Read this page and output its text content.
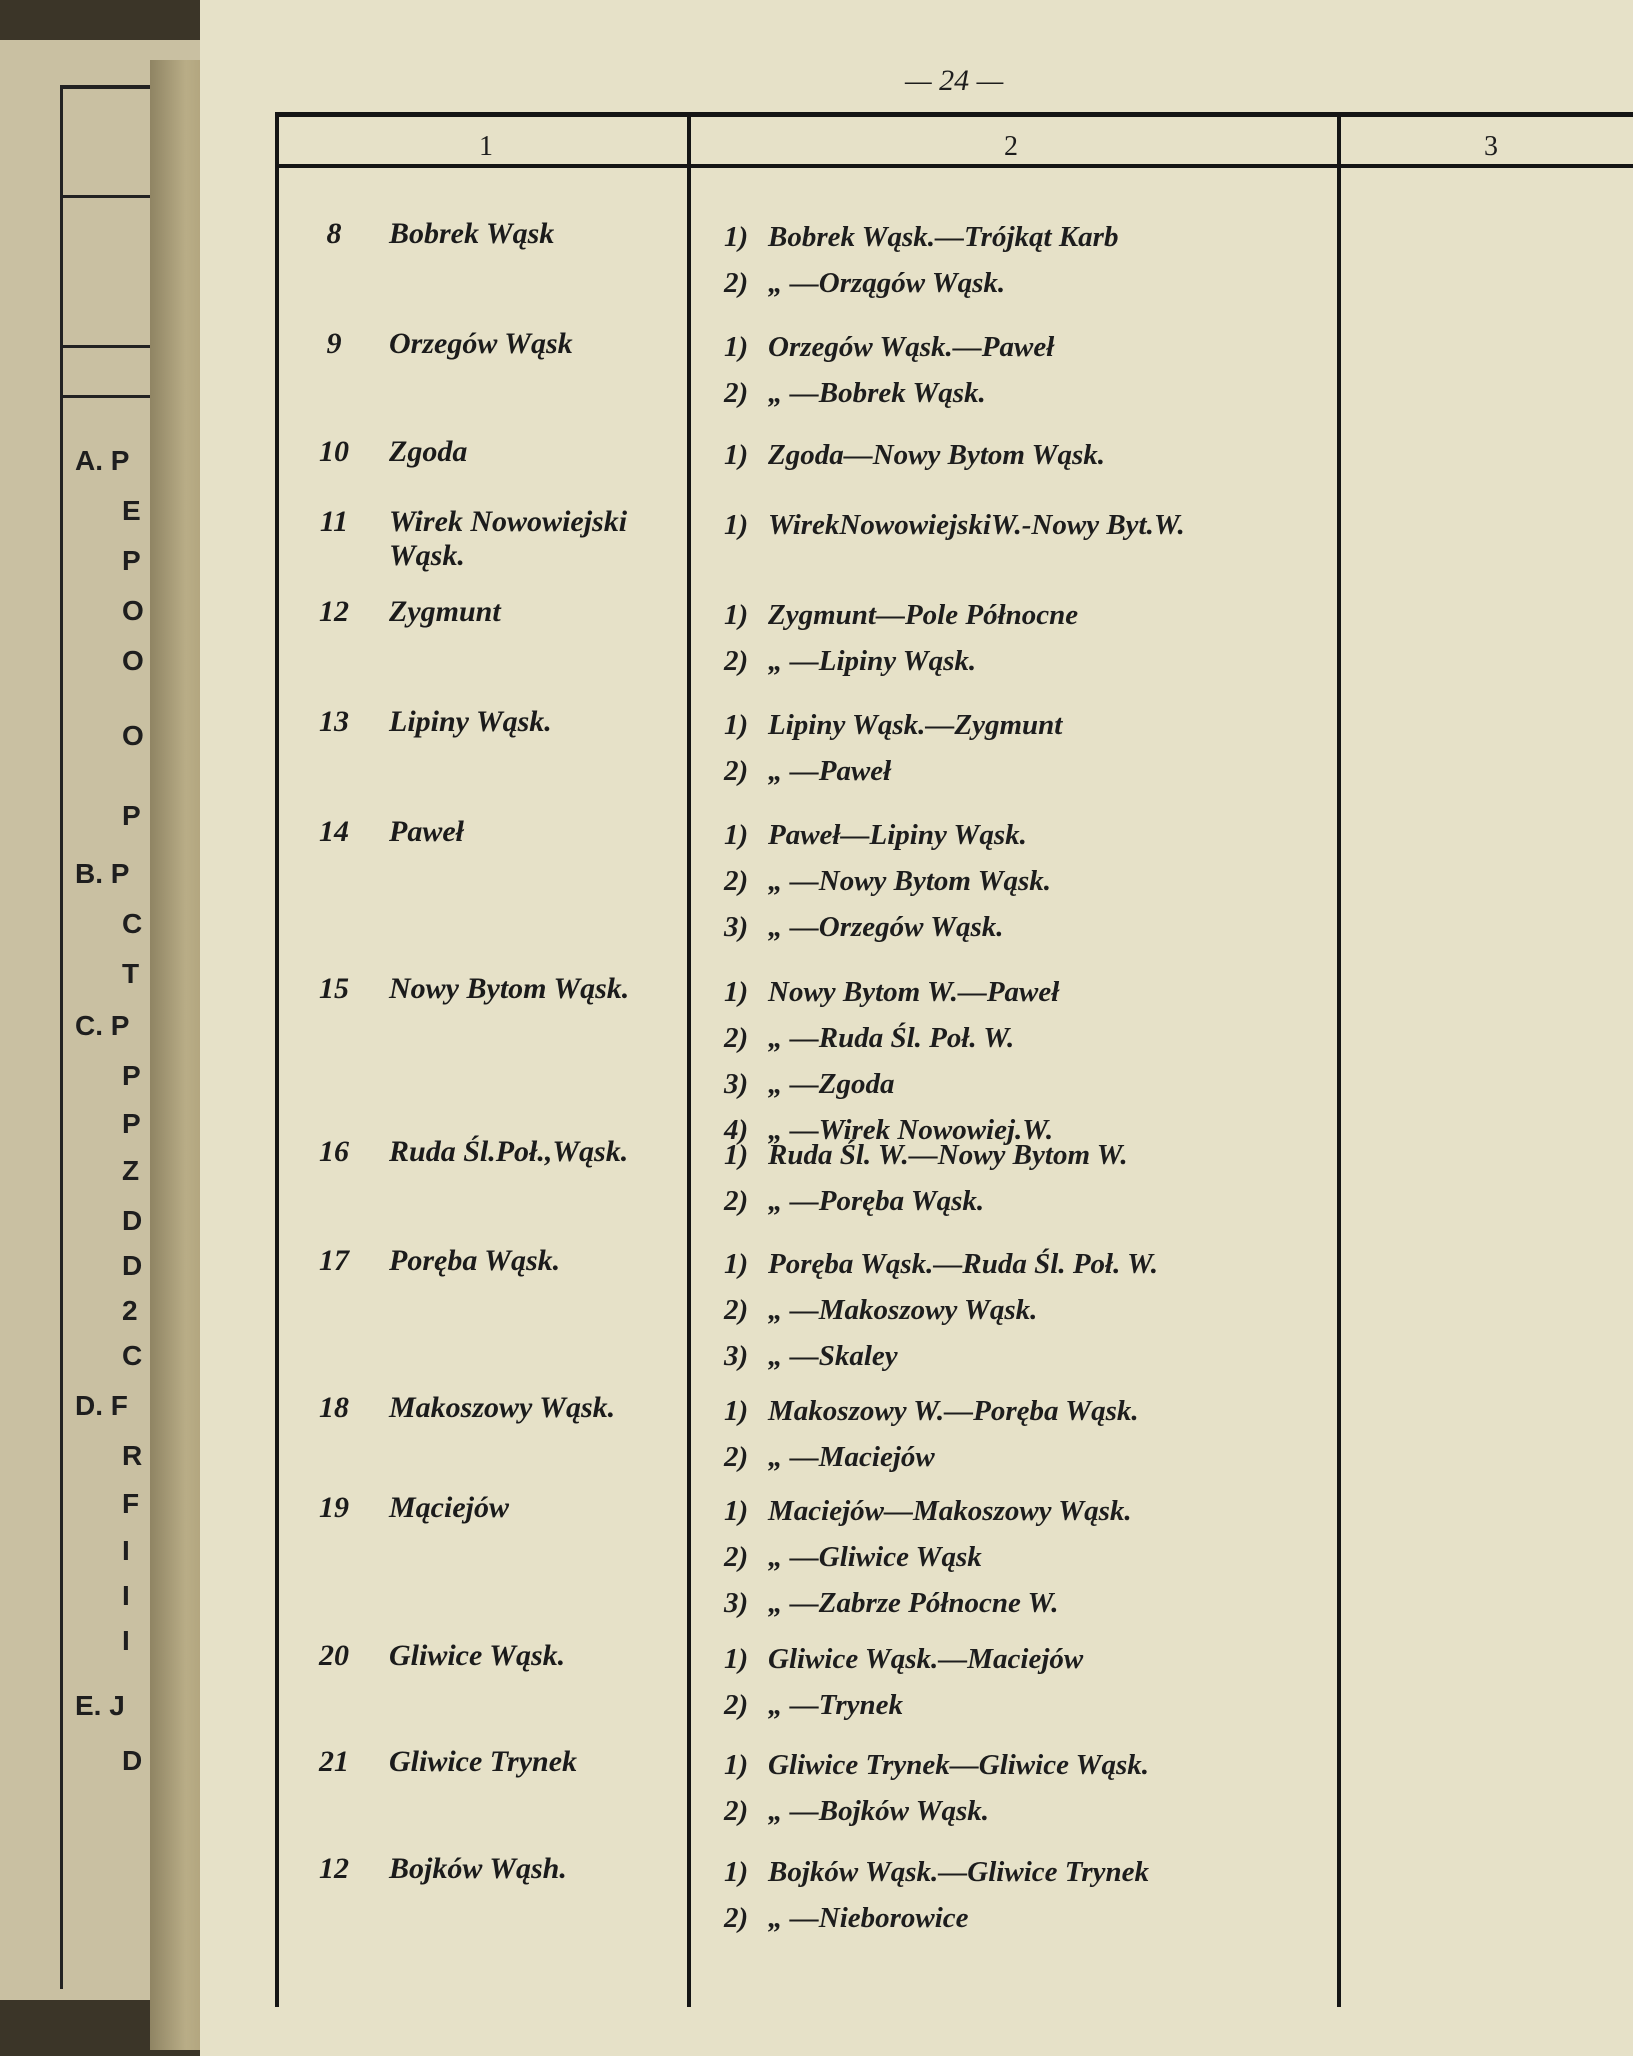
A. P
E
P
O
O
O
P
B. P
C
T
C. P
P
P
Z
D
D
2
C
D. F
R
F
I
I
I
E. J
D
— 24 —
1	2	3
8	Bobrek Wąsk	1) Bobrek Wąsk.—Trójkąt Karb
2) „ —Orzągów Wąsk.
9	Orzegów Wąsk	1) Orzegów Wąsk.—Paweł
2) „ —Bobrek Wąsk.
10	Zgoda	1) Zgoda—Nowy Bytom Wąsk.
11	Wirek Nowowiejski Wąsk.
1) WirekNowowiejskiW.-Nowy Byt.W.
12	Zygmunt	1) Zygmunt—Pole Północne
2) „ —Lipiny Wąsk.
13	Lipiny Wąsk.	1) Lipiny Wąsk.—Zygmunt
2) „ —Paweł
14	Paweł	1) Paweł—Lipiny Wąsk.
2) „ —Nowy Bytom Wąsk.
3) „ —Orzegów Wąsk.
15	Nowy Bytom Wąsk.	1) Nowy Bytom W.—Paweł
2) „ —Ruda Śl. Poł. W.
3) „ —Zgoda
4) „ —Wirek Nowowiej.W.
16	Ruda Śl.Poł.,Wąsk.	1) Ruda Śl. W.—Nowy Bytom W.
2) „ —Poręba Wąsk.
17	Poręba Wąsk.	1) Poręba Wąsk.—Ruda Śl. Poł. W.
2) „ —Makoszowy Wąsk.
3) „ —Skaley
18	Makoszowy Wąsk.	1) Makoszowy W.—Poręba Wąsk.
2) „ —Maciejów
19	Mąciejów	1) Maciejów—Makoszowy Wąsk.
2) „ —Gliwice Wąsk
3) „ —Zabrze Północne W.
20	Gliwice Wąsk.	1) Gliwice Wąsk.—Maciejów
2) „ —Trynek
21	Gliwice Trynek	1) Gliwice Trynek—Gliwice Wąsk.
2) „ —Bojków Wąsk.
12	Bojków Wąsh.	1) Bojków Wąsk.—Gliwice Trynek
2) „ —Nieborowice
